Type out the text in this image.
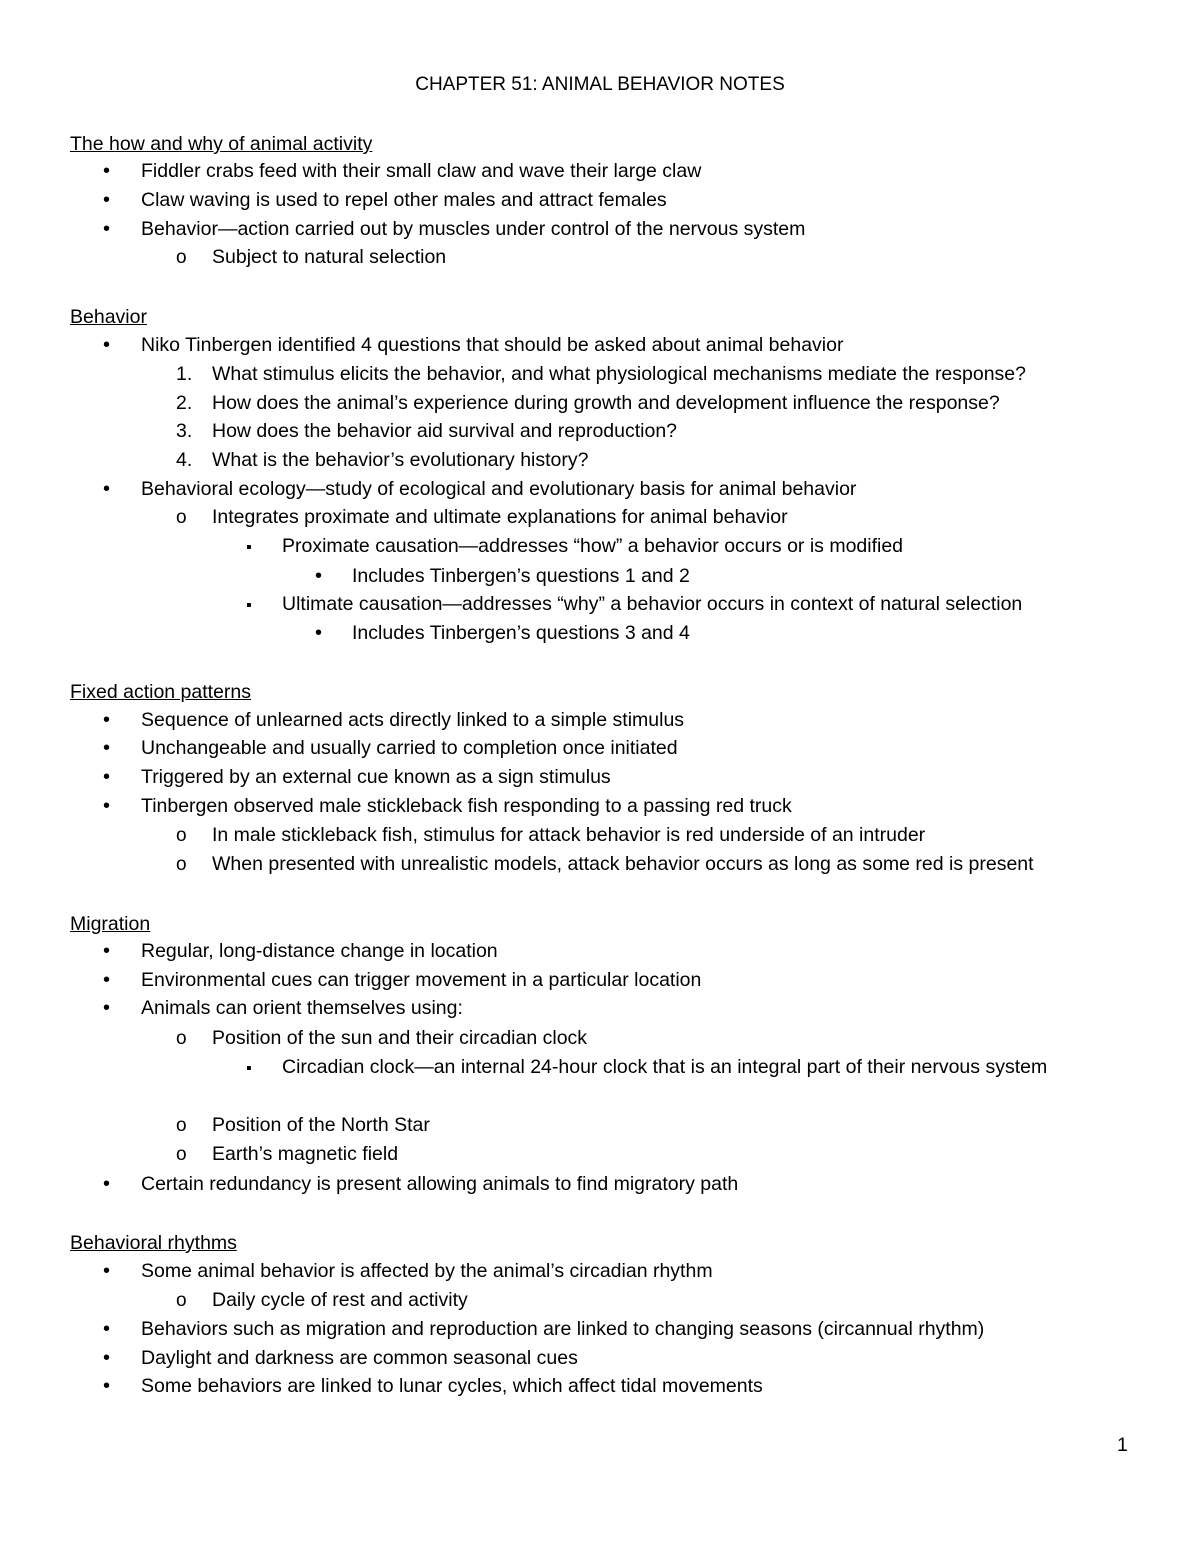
CHAPTER 51: ANIMAL BEHAVIOR NOTES
The how and why of animal activity
•
Fiddler crabs feed with their small claw and wave their large claw
•
Claw waving is used to repel other males and attract females
•
Behavior—action carried out by muscles under control of the nervous system
o
Subject to natural selection
Behavior
•
Niko Tinbergen identified 4 questions that should be asked about animal behavior
1. What stimulus elicits the behavior, and what physiological mechanisms mediate the response?
2. How does the animal’s experience during growth and development influence the response?
3. How does the behavior aid survival and reproduction?
4. What is the behavior’s evolutionary history?
•
Behavioral ecology—study of ecological and evolutionary basis for animal behavior
o
Integrates proximate and ultimate explanations for animal behavior
▪
Proximate causation—addresses “how” a behavior occurs or is modified
•
Includes Tinbergen’s questions 1 and 2
▪
Ultimate causation—addresses “why” a behavior occurs in context of natural selection
•
Includes Tinbergen’s questions 3 and 4
Fixed action patterns
•
Sequence of unlearned acts directly linked to a simple stimulus
•
Unchangeable and usually carried to completion once initiated
•
Triggered by an external cue known as a sign stimulus
•
Tinbergen observed male stickleback fish responding to a passing red truck
o
In male stickleback fish, stimulus for attack behavior is red underside of an intruder
o
When presented with unrealistic models, attack behavior occurs as long as some red is present
Migration
•
Regular, long-distance change in location
•
Environmental cues can trigger movement in a particular location
•
Animals can orient themselves using:
o
Position of the sun and their circadian clock
▪
Circadian clock—an internal 24-hour clock that is an integral part of their nervous system
o
Position of the North Star
o
Earth’s magnetic field
•
Certain redundancy is present allowing animals to find migratory path
Behavioral rhythms
•
Some animal behavior is affected by the animal’s circadian rhythm
o
Daily cycle of rest and activity
•
Behaviors such as migration and reproduction are linked to changing seasons (circannual rhythm)
•
Daylight and darkness are common seasonal cues
•
Some behaviors are linked to lunar cycles, which affect tidal movements
1
